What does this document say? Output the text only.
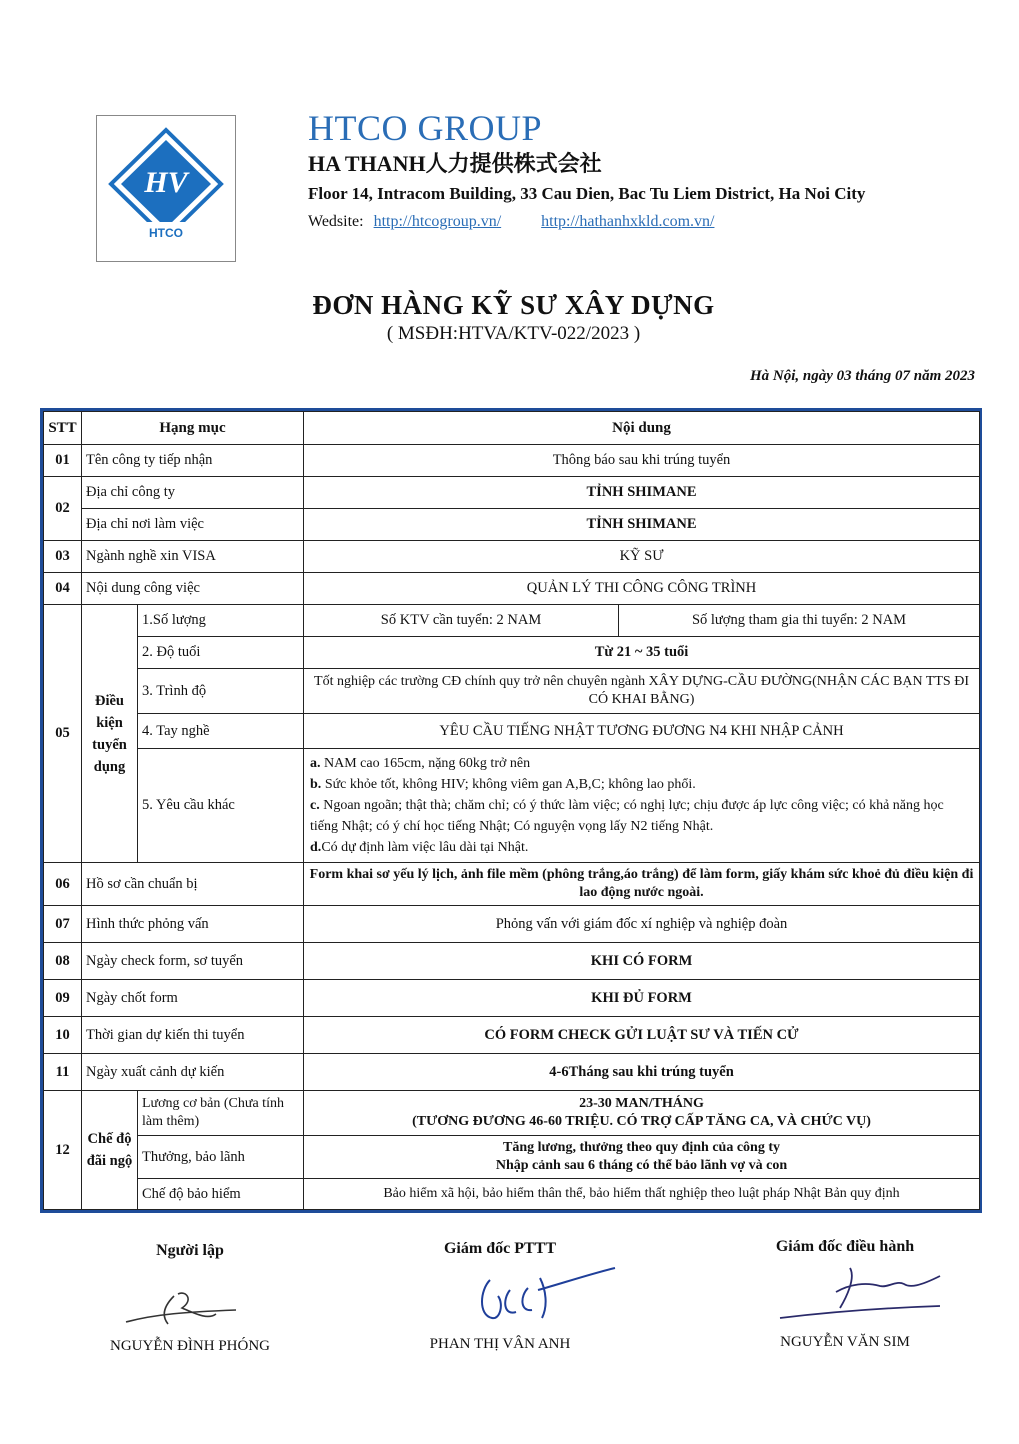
HV
HTCO
HTCO GROUP
HA THANH人力提供株式会社
Floor 14, Intracom Building, 33 Cau Dien, Bac Tu Liem District, Ha Noi City
Wedsite: http://htcogroup.vn/	http://hathanhxkld.com.vn/
ĐƠN HÀNG KỸ SƯ XÂY DỰNG
( MSĐH:HTVA/KTV-022/2023 )
Hà Nội, ngày 03 tháng 07 năm 2023
STT	Hạng mục		Nội dung	
01	Tên công ty tiếp nhận		Thông báo sau khi trúng tuyển	
02	Địa chỉ công ty		TỈNH SHIMANE	
	Địa chỉ nơi làm việc		TỈNH SHIMANE	
03	Ngành nghề xin VISA		KỸ SƯ	
04	Nội dung công việc		QUẢN LÝ THI CÔNG CÔNG TRÌNH	
05	Điều kiện tuyển dụng	1.Số lượng	Số KTV cần tuyển: 2 NAM	Số lượng tham gia thi tuyển: 2 NAM
		2. Độ tuổi	Từ 21 ~ 35 tuổi	
		3. Trình độ	Tốt nghiệp các trường CĐ chính quy trở nên chuyên ngành XÂY DỰNG-CẦU ĐƯỜNG(NHẬN CÁC BẠN TTS ĐI CÓ KHAI BẰNG)	
		4. Tay nghề	YÊU CẦU TIẾNG NHẬT TƯƠNG ĐƯƠNG N4 KHI NHẬP CẢNH	
		5. Yêu cầu khác	a. NAM cao 165cm, nặng 60kg trở nên
b. Sức khỏe tốt, không HIV; không viêm gan A,B,C; không lao phổi.
c. Ngoan ngoãn; thật thà; chăm chỉ; có ý thức làm việc; có nghị lực; chịu được áp lực công việc; có khả năng học tiếng Nhật; có ý chí học tiếng Nhật; Có nguyện vọng lấy N2 tiếng Nhật.
d.Có dự định làm việc lâu dài tại Nhật.	

06	Hồ sơ cần chuẩn bị		Form khai sơ yếu lý lịch, ảnh file mềm (phông trắng,áo trắng) để làm form, giấy khám sức khoẻ đủ điều kiện đi lao động nước ngoài.	
07	Hình thức phỏng vấn		Phỏng vấn với giám đốc xí nghiệp và nghiệp đoàn	
08	Ngày check form, sơ tuyển		KHI CÓ FORM	
09	Ngày chốt form		KHI ĐỦ FORM	
10	Thời gian dự kiến thi tuyển		CÓ FORM CHECK GỬI LUẬT SƯ VÀ TIẾN CỬ	
11	Ngày xuất cảnh dự kiến		4-6Tháng sau khi trúng tuyển	
12	Chế độ đãi ngộ	Lương cơ bản (Chưa tính làm thêm)	23-30 MAN/THÁNG
(TƯƠNG ĐƯƠNG 46-60 TRIỆU. CÓ TRỢ CẤP TĂNG CA, VÀ CHỨC VỤ)	

		Thưởng, bảo lãnh	Tăng lương, thưởng theo quy định của công ty
Nhập cảnh sau 6 tháng có thể bảo lãnh vợ và con	

		Chế độ bảo hiểm	Bảo hiểm xã hội, bảo hiểm thân thể, bảo hiểm thất nghiệp theo luật pháp Nhật Bản quy định	
Người lập
NGUYỄN ĐÌNH PHÓNG
Giám đốc PTTT
PHAN THỊ VÂN ANH
Giám đốc điều hành
NGUYỄN VĂN SIM
